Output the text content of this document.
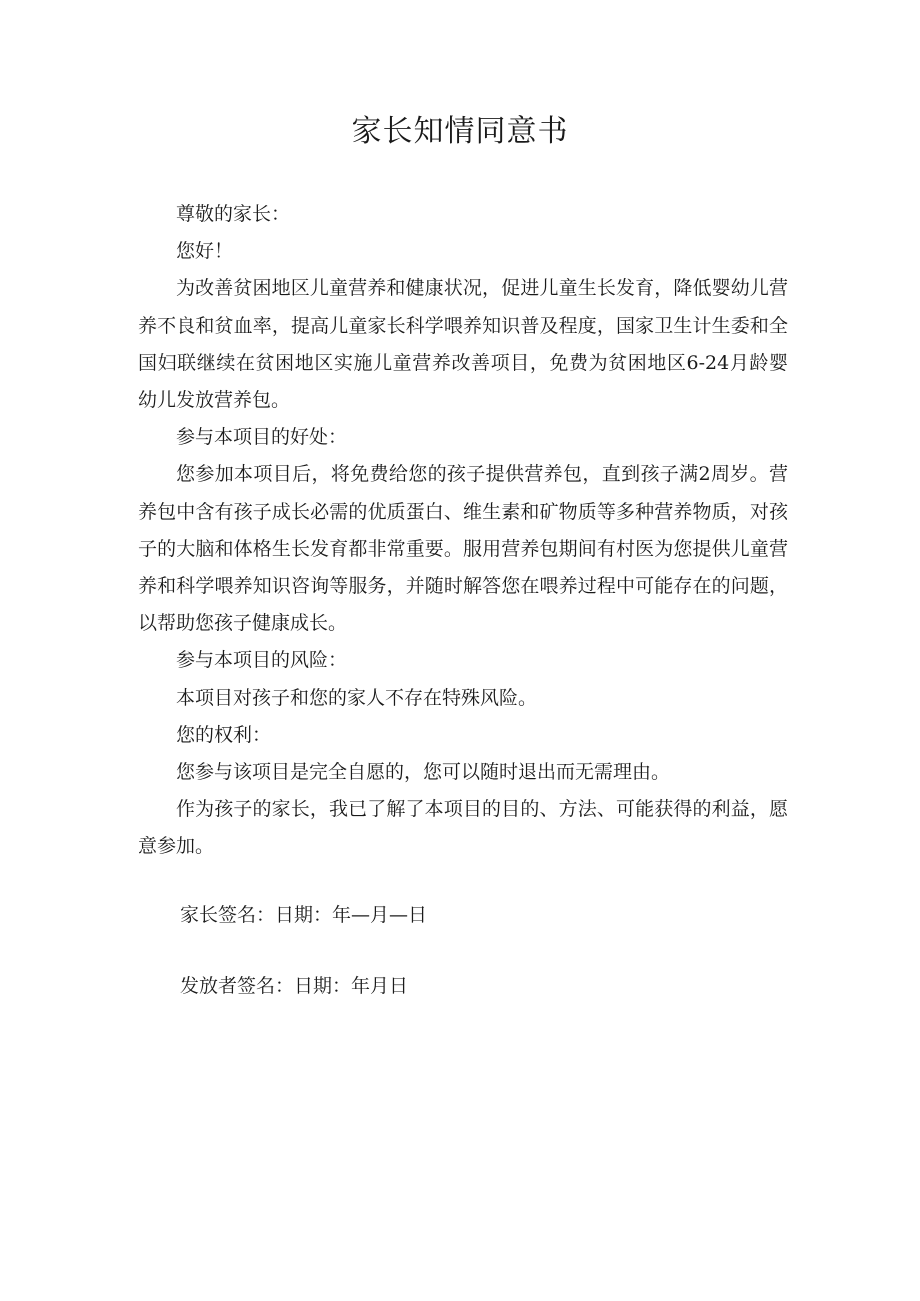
家长知情同意书

尊敬的家长：

您好！

为改善贫困地区儿童营养和健康状况，促进儿童生长发育，降低婴幼儿营养不良和贫血率，提高儿童家长科学喂养知识普及程度，国家卫生计生委和全国妇联继续在贫困地区实施儿童营养改善项目，免费为贫困地区6-24月龄婴幼儿发放营养包。

参与本项目的好处：

您参加本项目后，将免费给您的孩子提供营养包，直到孩子满2周岁。营养包中含有孩子成长必需的优质蛋白、维生素和矿物质等多种营养物质，对孩子的大脑和体格生长发育都非常重要。服用营养包期间有村医为您提供儿童营养和科学喂养知识咨询等服务，并随时解答您在喂养过程中可能存在的问题，以帮助您孩子健康成长。

参与本项目的风险：

本项目对孩子和您的家人不存在特殊风险。

您的权利：

您参与该项目是完全自愿的，您可以随时退出而无需理由。

作为孩子的家长，我已了解了本项目的目的、方法、可能获得的利益，愿意参加。

家长签名：日期：年—月—日

发放者签名：日期：年月日
